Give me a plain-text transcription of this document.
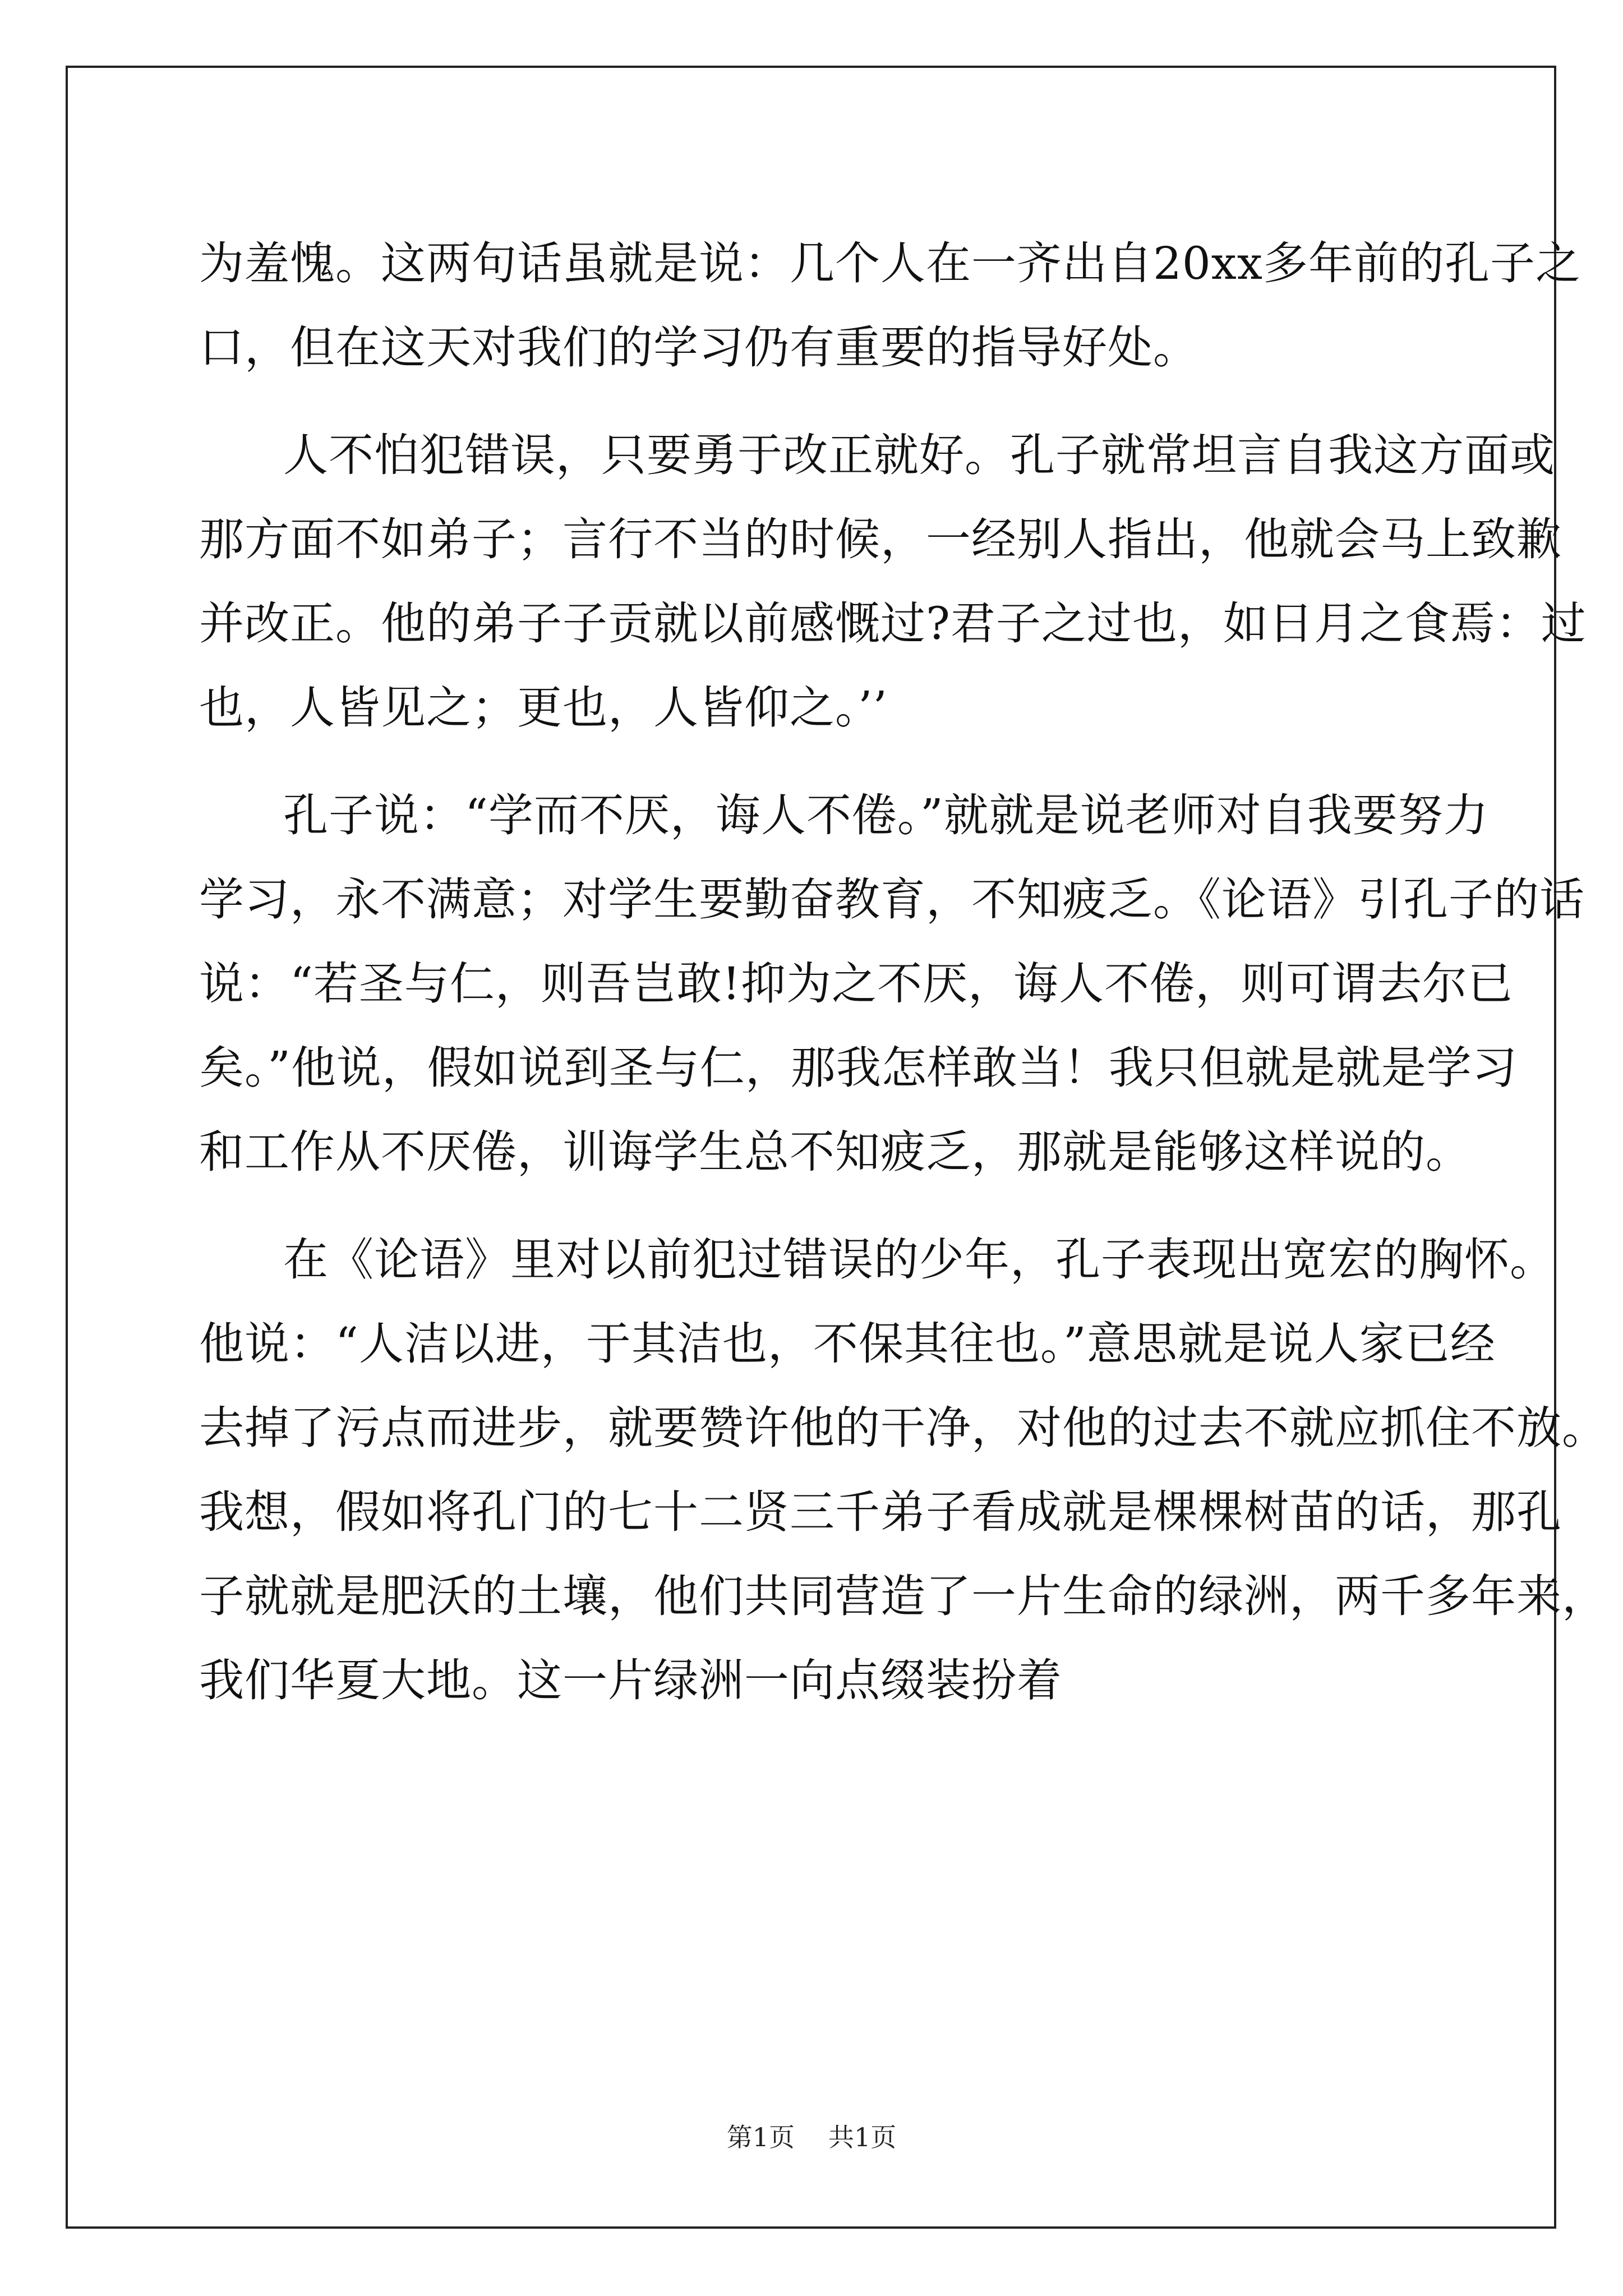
为羞愧。这两句话虽就是说：几个人在一齐出自20xx多年前的孔子之
口，但在这天对我们的学习仍有重要的指导好处。
人不怕犯错误，只要勇于改正就好。孔子就常坦言自我这方面或
那方面不如弟子；言行不当的时候，一经别人指出，他就会马上致歉
并改正。他的弟子子贡就以前感慨过?君子之过也，如日月之食焉：过
也，人皆见之；更也，人皆仰之。’’
孔子说：“学而不厌，诲人不倦。”就就是说老师对自我要努力
学习，永不满意；对学生要勤奋教育，不知疲乏。《论语》引孔子的话
说：“若圣与仁，则吾岂敢!抑为之不厌，诲人不倦，则可谓去尔已
矣。”他说，假如说到圣与仁，那我怎样敢当！我只但就是就是学习
和工作从不厌倦，训诲学生总不知疲乏，那就是能够这样说的。
在《论语》里对以前犯过错误的少年，孔子表现出宽宏的胸怀。
他说：“人洁以进，于其洁也，不保其往也。”意思就是说人家已经
去掉了污点而进步，就要赞许他的干净，对他的过去不就应抓住不放。
我想，假如将孔门的七十二贤三千弟子看成就是棵棵树苗的话，那孔
子就就是肥沃的土壤，他们共同营造了一片生命的绿洲，两千多年来，
我们华夏大地。这一片绿洲一向点缀装扮着
第1页 共1页
